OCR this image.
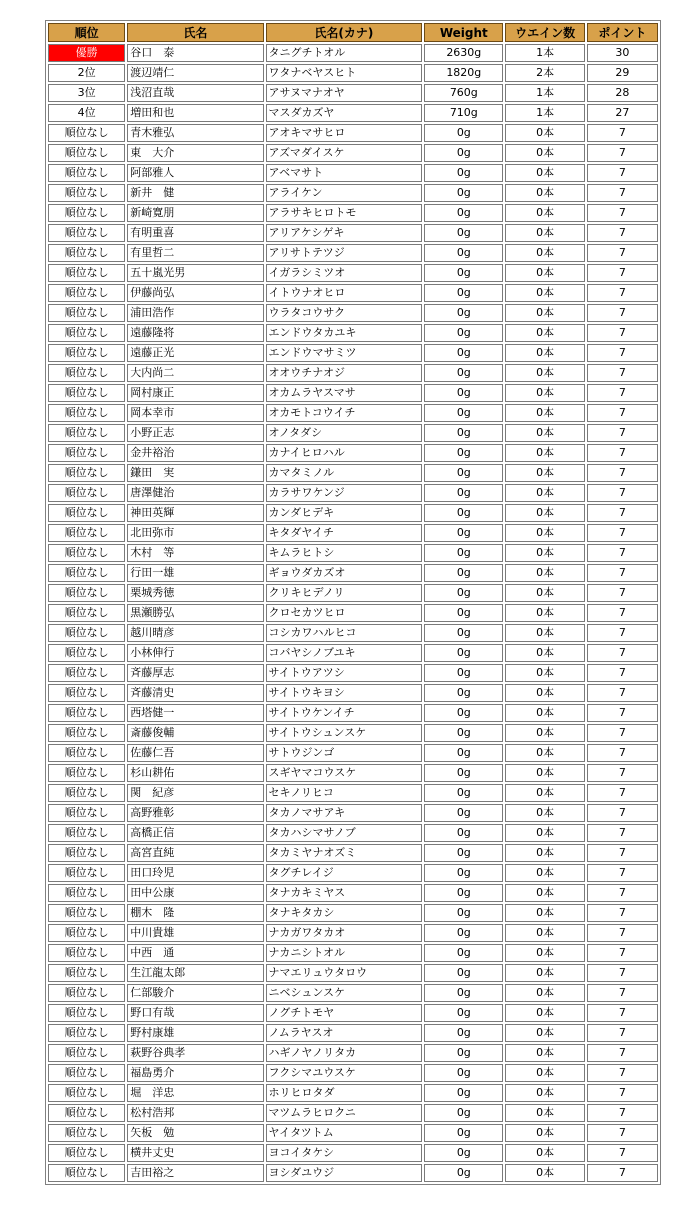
順位	氏名	氏名(カナ)	Weight	ウエイン数	ポイント
優勝	谷口　泰	タニグチトオル	2630g	1本	30
2位	渡辺靖仁	ワタナベヤスヒト	1820g	2本	29
3位	浅沼直哉	アサヌマナオヤ	760g	1本	28
4位	増田和也	マスダカズヤ	710g	1本	27
順位なし	青木雅弘	アオキマサヒロ	0g	0本	7
順位なし	東　大介	アズマダイスケ	0g	0本	7
順位なし	阿部雅人	アベマサト	0g	0本	7
順位なし	新井　健	アライケン	0g	0本	7
順位なし	新崎寛朋	アラサキヒロトモ	0g	0本	7
順位なし	有明重喜	アリアケシゲキ	0g	0本	7
順位なし	有里哲二	アリサトテツジ	0g	0本	7
順位なし	五十嵐光男	イガラシミツオ	0g	0本	7
順位なし	伊藤尚弘	イトウナオヒロ	0g	0本	7
順位なし	浦田浩作	ウラタコウサク	0g	0本	7
順位なし	遠藤隆将	エンドウタカユキ	0g	0本	7
順位なし	遠藤正光	エンドウマサミツ	0g	0本	7
順位なし	大内尚二	オオウチナオジ	0g	0本	7
順位なし	岡村康正	オカムラヤスマサ	0g	0本	7
順位なし	岡本幸市	オカモトコウイチ	0g	0本	7
順位なし	小野正志	オノタダシ	0g	0本	7
順位なし	金井裕治	カナイヒロハル	0g	0本	7
順位なし	鎌田　実	カマタミノル	0g	0本	7
順位なし	唐澤健治	カラサワケンジ	0g	0本	7
順位なし	神田英輝	カンダヒデキ	0g	0本	7
順位なし	北田弥市	キタダヤイチ	0g	0本	7
順位なし	木村　等	キムラヒトシ	0g	0本	7
順位なし	行田一雄	ギョウダカズオ	0g	0本	7
順位なし	栗城秀徳	クリキヒデノリ	0g	0本	7
順位なし	黒瀬勝弘	クロセカツヒロ	0g	0本	7
順位なし	越川晴彦	コシカワハルヒコ	0g	0本	7
順位なし	小林伸行	コバヤシノブユキ	0g	0本	7
順位なし	斉藤厚志	サイトウアツシ	0g	0本	7
順位なし	斉藤清史	サイトウキヨシ	0g	0本	7
順位なし	西塔健一	サイトウケンイチ	0g	0本	7
順位なし	斎藤俊輔	サイトウシュンスケ	0g	0本	7
順位なし	佐藤仁吾	サトウジンゴ	0g	0本	7
順位なし	杉山耕佑	スギヤマコウスケ	0g	0本	7
順位なし	関　紀彦	セキノリヒコ	0g	0本	7
順位なし	高野雅彰	タカノマサアキ	0g	0本	7
順位なし	高橋正信	タカハシマサノブ	0g	0本	7
順位なし	高宮直純	タカミヤナオズミ	0g	0本	7
順位なし	田口玲児	タグチレイジ	0g	0本	7
順位なし	田中公康	タナカキミヤス	0g	0本	7
順位なし	棚木　隆	タナキタカシ	0g	0本	7
順位なし	中川貴雄	ナカガワタカオ	0g	0本	7
順位なし	中西　通	ナカニシトオル	0g	0本	7
順位なし	生江龍太郎	ナマエリュウタロウ	0g	0本	7
順位なし	仁部駿介	ニベシュンスケ	0g	0本	7
順位なし	野口有哉	ノグチトモヤ	0g	0本	7
順位なし	野村康雄	ノムラヤスオ	0g	0本	7
順位なし	萩野谷典孝	ハギノヤノリタカ	0g	0本	7
順位なし	福島勇介	フクシマユウスケ	0g	0本	7
順位なし	堀　洋忠	ホリヒロタダ	0g	0本	7
順位なし	松村浩邦	マツムラヒロクニ	0g	0本	7
順位なし	矢板　勉	ヤイタツトム	0g	0本	7
順位なし	横井丈史	ヨコイタケシ	0g	0本	7
順位なし	吉田裕之	ヨシダユウジ	0g	0本	7
